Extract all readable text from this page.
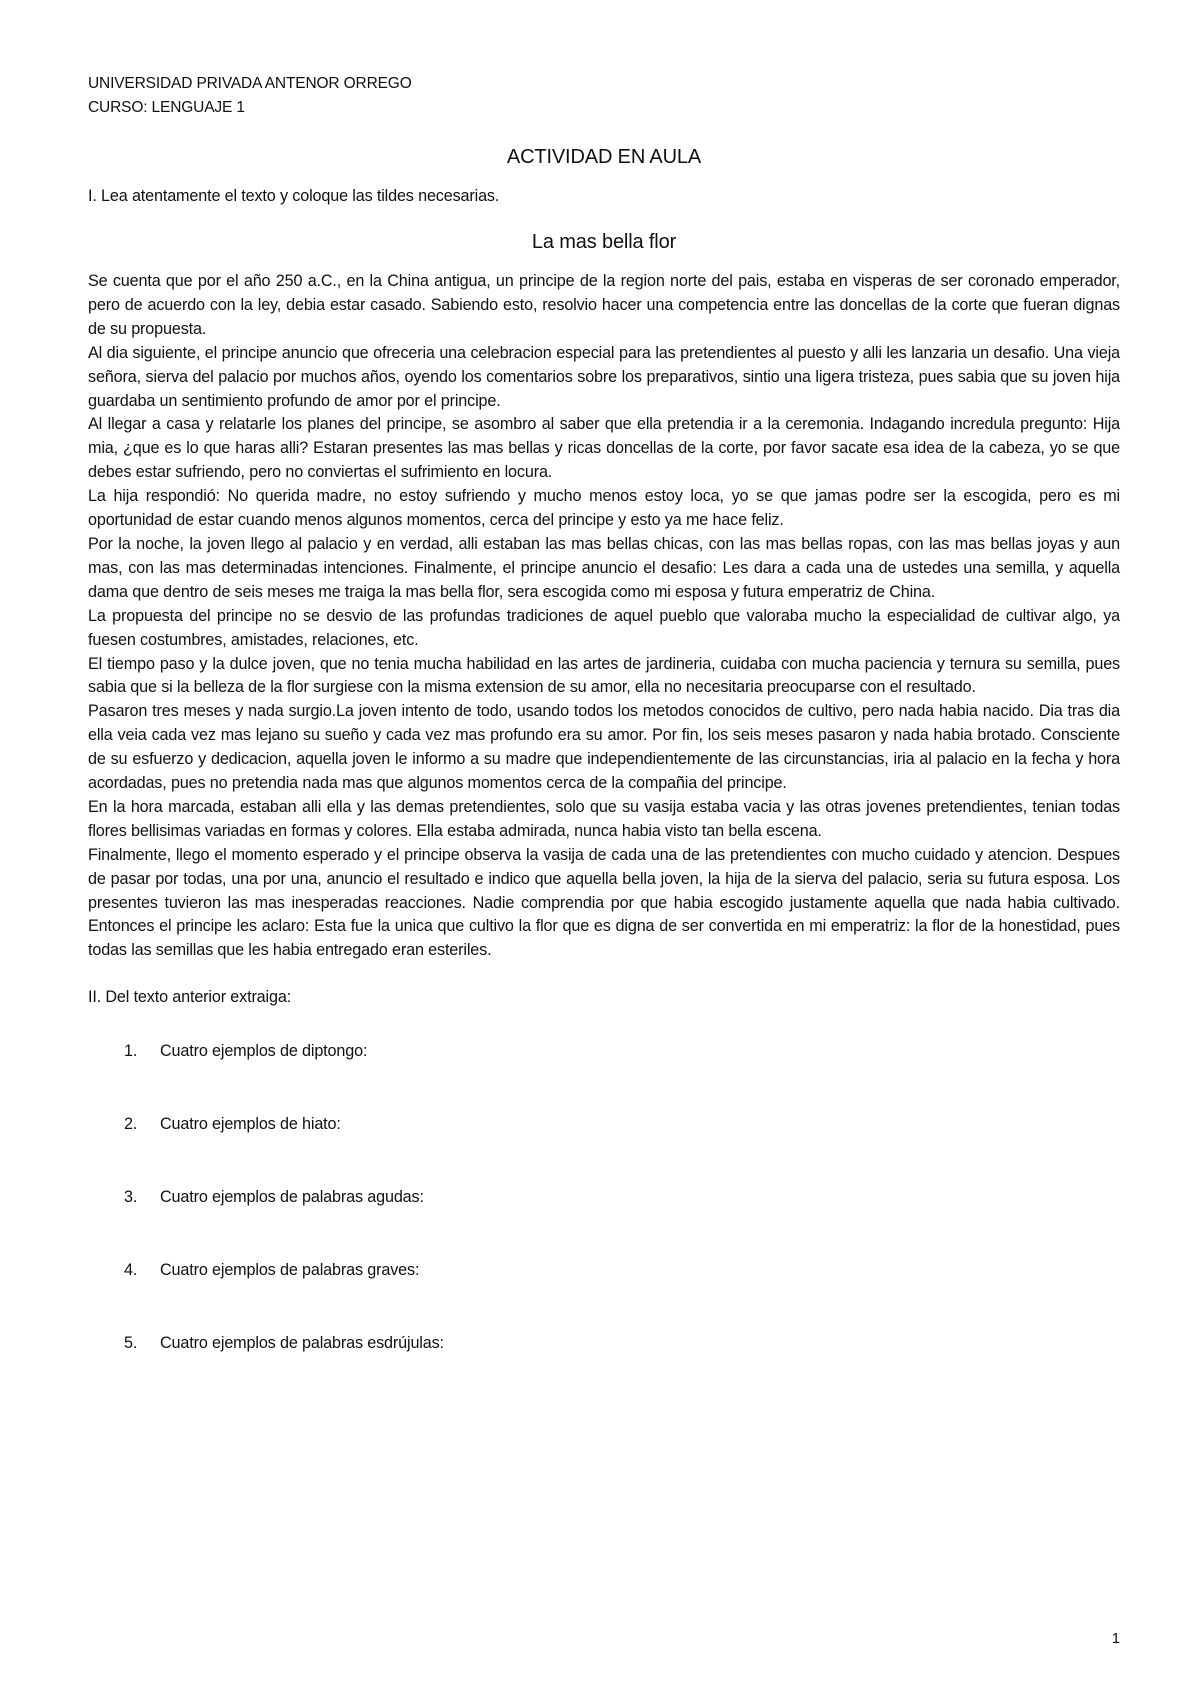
UNIVERSIDAD PRIVADA ANTENOR ORREGO
CURSO: LENGUAJE 1
ACTIVIDAD EN AULA
I. Lea atentamente el texto y coloque las tildes necesarias.
La mas bella flor

Se cuenta que por el año 250 a.C., en la China antigua, un principe de la region norte del pais, estaba en visperas de ser coronado emperador, pero de acuerdo con la ley, debia estar casado. Sabiendo esto, resolvio hacer una competencia entre las doncellas de la corte que fueran dignas de su propuesta.

Al dia siguiente, el principe anuncio que ofreceria una celebracion especial para las pretendientes al puesto y alli les lanzaria un desafio. Una vieja señora, sierva del palacio por muchos años, oyendo los comentarios sobre los preparativos, sintio una ligera tristeza, pues sabia que su joven hija guardaba un sentimiento profundo de amor por el principe.

Al llegar a casa y relatarle los planes del principe, se asombro al saber que ella pretendia ir a la ceremonia. Indagando incredula pregunto: Hija mia, ¿que es lo que haras alli? Estaran presentes las mas bellas y ricas doncellas de la corte, por favor sacate esa idea de la cabeza, yo se que debes estar sufriendo, pero no conviertas el sufrimiento en locura.

La hija respondió: No querida madre, no estoy sufriendo y mucho menos estoy loca, yo se que jamas podre ser la escogida, pero es mi oportunidad de estar cuando menos algunos momentos, cerca del principe y esto ya me hace feliz.

Por la noche, la joven llego al palacio y en verdad, alli estaban las mas bellas chicas, con las mas bellas ropas, con las mas bellas joyas y aun mas, con las mas determinadas intenciones. Finalmente, el principe anuncio el desafio: Les dara a cada una de ustedes una semilla, y aquella dama que dentro de seis meses me traiga la mas bella flor, sera escogida como mi esposa y futura emperatriz de China.

La propuesta del principe no se desvio de las profundas tradiciones de aquel pueblo que valoraba mucho la especialidad de cultivar algo, ya fuesen costumbres, amistades, relaciones, etc.

El tiempo paso y la dulce joven, que no tenia mucha habilidad en las artes de jardineria, cuidaba con mucha paciencia y ternura su semilla, pues sabia que si la belleza de la flor surgiese con la misma extension de su amor, ella no necesitaria preocuparse con el resultado.

Pasaron tres meses y nada surgio.La joven intento de todo, usando todos los metodos conocidos de cultivo, pero nada habia nacido. Dia tras dia ella veia cada vez mas lejano su sueño y cada vez mas profundo era su amor. Por fin, los seis meses pasaron y nada habia brotado. Consciente de su esfuerzo y dedicacion, aquella joven le informo a su madre que independientemente de las circunstancias, iria al palacio en la fecha y hora acordadas, pues no pretendia nada mas que algunos momentos cerca de la compañia del principe.

En la hora marcada, estaban alli ella y las demas pretendientes, solo que su vasija estaba vacia y las otras jovenes pretendientes, tenian todas flores bellisimas variadas en formas y colores. Ella estaba admirada, nunca habia visto tan bella escena.

Finalmente, llego el momento esperado y el principe observa la vasija de cada una de las pretendientes con mucho cuidado y atencion. Despues de pasar por todas, una por una, anuncio el resultado e indico que aquella bella joven, la hija de la sierva del palacio, seria su futura esposa. Los presentes tuvieron las mas inesperadas reacciones. Nadie comprendia por que habia escogido justamente aquella que nada habia cultivado. Entonces el principe les aclaro: Esta fue la unica que cultivo la flor que es digna de ser convertida en mi emperatriz: la flor de la honestidad, pues todas las semillas que les habia entregado eran esteriles.

II. Del texto anterior extraiga:
1.	Cuatro ejemplos de diptongo:
2.	Cuatro ejemplos de hiato:
3.	Cuatro ejemplos de palabras agudas:
4.	Cuatro ejemplos de palabras graves:
5.	Cuatro ejemplos de palabras esdrújulas:
1
